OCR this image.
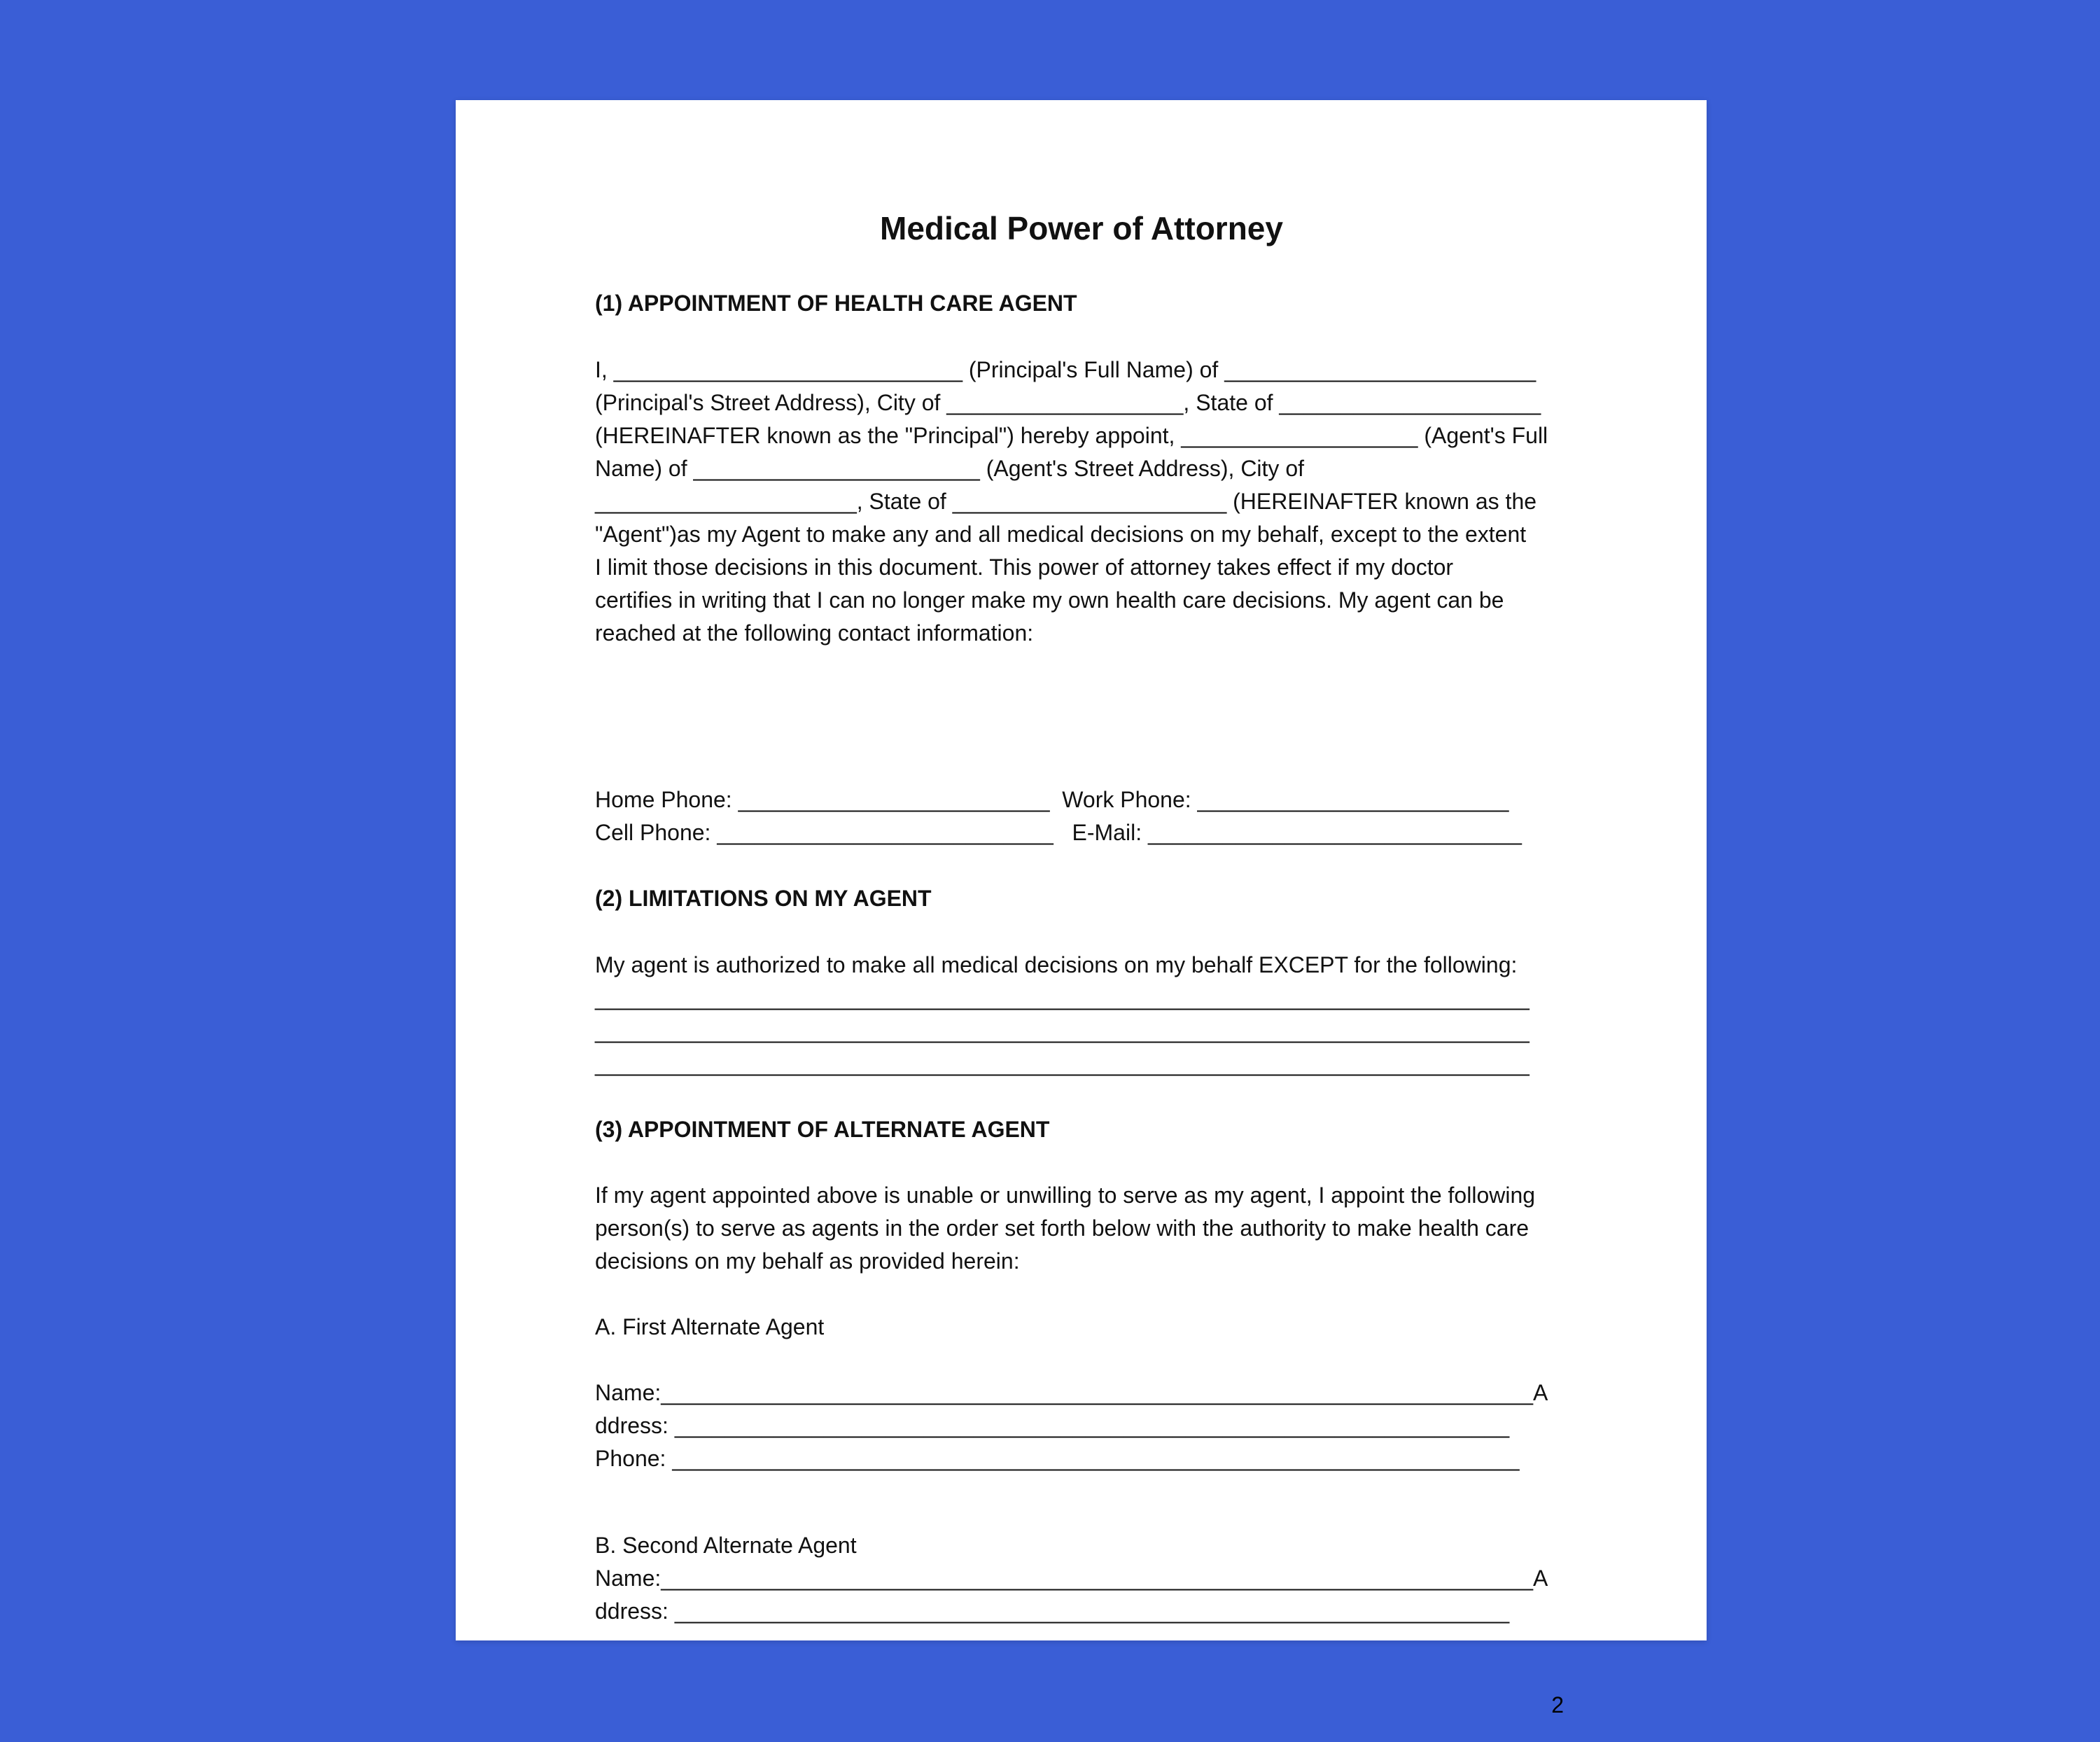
Medical Power of Attorney
(1) APPOINTMENT OF HEALTH CARE AGENT
I, ____________________________ (Principal's Full Name) of _________________________
(Principal's Street Address), City of ___________________, State of _____________________
(HEREINAFTER known as the "Principal") hereby appoint, ___________________ (Agent's Full
Name) of _______________________ (Agent's Street Address), City of
_____________________, State of ______________________ (HEREINAFTER known as the
"Agent")as my Agent to make any and all medical decisions on my behalf, except to the extent
I limit those decisions in this document. This power of attorney takes effect if my doctor
certifies in writing that I can no longer make my own health care decisions. My agent can be
reached at the following contact information:
Home Phone: _________________________  Work Phone: _________________________
Cell Phone: ___________________________   E-Mail: ______________________________
(2) LIMITATIONS ON MY AGENT
My agent is authorized to make all medical decisions on my behalf EXCEPT for the following:
___________________________________________________________________________
___________________________________________________________________________
___________________________________________________________________________
(3) APPOINTMENT OF ALTERNATE AGENT
If my agent appointed above is unable or unwilling to serve as my agent, I appoint the following
person(s) to serve as agents in the order set forth below with the authority to make health care
decisions on my behalf as provided herein:

A. First Alternate Agent

Name:______________________________________________________________________A
ddress: ___________________________________________________________________
Phone: ____________________________________________________________________
B. Second Alternate Agent
Name:______________________________________________________________________A
ddress: ___________________________________________________________________
2
